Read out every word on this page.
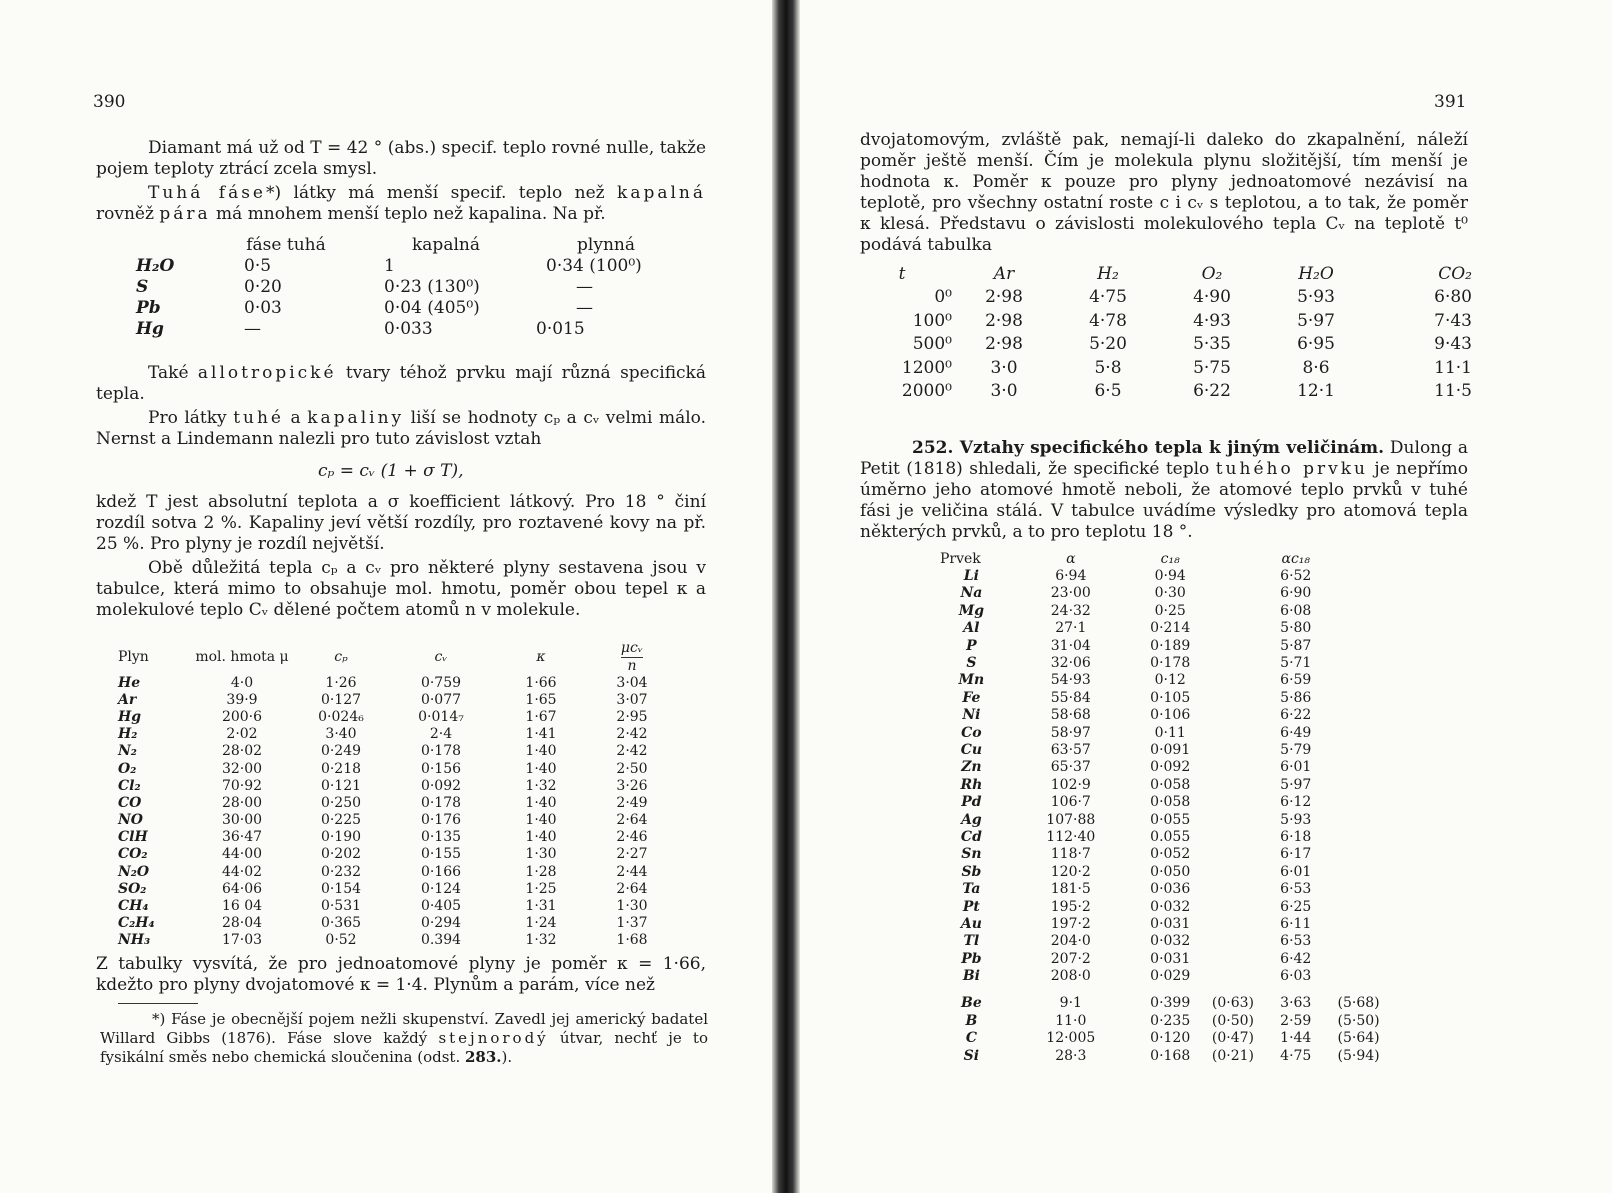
390

Diamant má už od T = 42 ° (abs.) specif. teplo rovné nulle, takže pojem teploty ztrácí zcela smysl.

Tuhá fáse*) látky má menší specif. teplo než kapalná rovněž pára má mnohem menší teplo než kapalina. Na př.

	fáse tuhá	kapalná	plynná
H₂O	0·5	1	0·34 (100⁰)
S	0·20	0·23 (130⁰)	—
Pb	0·03	0·04 (405⁰)	—
Hg	—	0·033	0·015

Také allotropické tvary téhož prvku mají různá specifická tepla.

Pro látky tuhé a kapaliny liší se hodnoty cₚ a cᵥ velmi málo. Nernst a Lindemann nalezli pro tuto závislost vztah

cₚ = cᵥ (1 + σ T),

kdež T jest absolutní teplota a σ koefficient látkový. Pro 18 ° činí rozdíl sotva 2 %. Kapaliny jeví větší rozdíly, pro roztavené kovy na př. 25 %. Pro plyny je rozdíl největší.

Obě důležitá tepla cₚ a cᵥ pro některé plyny sestavena jsou v tabulce, která mimo to obsahuje mol. hmotu, poměr obou tepel κ a molekulové teplo Cᵥ dělené počtem atomů n v molekule.

Plyn	mol. hmota μ	cₚ	cᵥ	κ	μcᵥ
n
He	4·0	1·26	0·759	1·66	3·04
Ar	39·9	0·127	0·077	1·65	3·07
Hg	200·6	0·024₆	0·014₇	1·67	2·95
H₂	2·02	3·40	2·4	1·41	2·42
N₂	28·02	0·249	0·178	1·40	2·42
O₂	32·00	0·218	0·156	1·40	2·50
Cl₂	70·92	0·121	0·092	1·32	3·26
CO	28·00	0·250	0·178	1·40	2·49
NO	30·00	0·225	0·176	1·40	2·64
ClH	36·47	0·190	0·135	1·40	2·46
CO₂	44·00	0·202	0·155	1·30	2·27
N₂O	44·02	0·232	0·166	1·28	2·44
SO₂	64·06	0·154	0·124	1·25	2·64
CH₄	16 04	0·531	0·405	1·31	1·30
C₂H₄	28·04	0·365	0·294	1·24	1·37
NH₃	17·03	0·52	0.394	1·32	1·68

Z tabulky vysvítá, že pro jednoatomové plyny je poměr κ = 1·66, kdežto pro plyny dvojatomové κ = 1·4. Plynům a parám, více než

*) Fáse je obecnější pojem nežli skupenství. Zavedl jej americký badatel Willard Gibbs (1876). Fáse slove každý stejnorodý útvar, nechť je to fysikální směs nebo chemická sloučenina (odst. 283.).

391

dvojatomovým, zvláště pak, nemají-li daleko do zkapalnění, náleží poměr ještě menší. Čím je molekula plynu složitější, tím menší je hodnota κ. Poměr κ pouze pro plyny jednoatomové nezávisí na teplotě, pro všechny ostatní roste c i cᵥ s teplotou, a to tak, že poměr κ klesá. Představu o závislosti molekulového tepla Cᵥ na teplotě t⁰ podává tabulka

t	Ar	H₂	O₂	H₂O	CO₂
0⁰	2·98	4·75	4·90	5·93	6·80
100⁰	2·98	4·78	4·93	5·97	7·43
500⁰	2·98	5·20	5·35	6·95	9·43
1200⁰	3·0	5·8	5·75	8·6	11·1
2000⁰	3·0	6·5	6·22	12·1	11·5

252. Vztahy specifického tepla k jiným veličinám. Dulong a Petit (1818) shledali, že specifické teplo tuhého prvku je nepřímo úměrno jeho atomové hmotě neboli, že atomové teplo prvků v tuhé fási je veličina stálá. V tabulce uvádíme výsledky pro atomová tepla některých prvků, a to pro teplotu 18 °.

Prvek	α	c₁₈		αc₁₈	
Li	6·94	0·94		6·52	
Na	23·00	0·30		6·90	
Mg	24·32	0·25		6·08	
Al	27·1	0·214		5·80	
P	31·04	0·189		5·87	
S	32·06	0·178		5·71	
Mn	54·93	0·12		6·59	
Fe	55·84	0·105		5·86	
Ni	58·68	0·106		6·22	
Co	58·97	0·11		6·49	
Cu	63·57	0·091		5·79	
Zn	65·37	0·092		6·01	
Rh	102·9	0·058		5·97	
Pd	106·7	0·058		6·12	
Ag	107·88	0·055		5·93	
Cd	112·40	0.055		6·18	
Sn	118·7	0·052		6·17	
Sb	120·2	0·050		6·01	
Ta	181·5	0·036		6·53	
Pt	195·2	0·032		6·25	
Au	197·2	0·031		6·11	
Tl	204·0	0·032		6·53	
Pb	207·2	0·031		6·42	
Bi	208·0	0·029		6·03	

Be	9·1	0·399	(0·63)	3·63	(5·68)
B	11·0	0·235	(0·50)	2·59	(5·50)
C	12·005	0·120	(0·47)	1·44	(5·64)
Si	28·3	0·168	(0·21)	4·75	(5·94)
